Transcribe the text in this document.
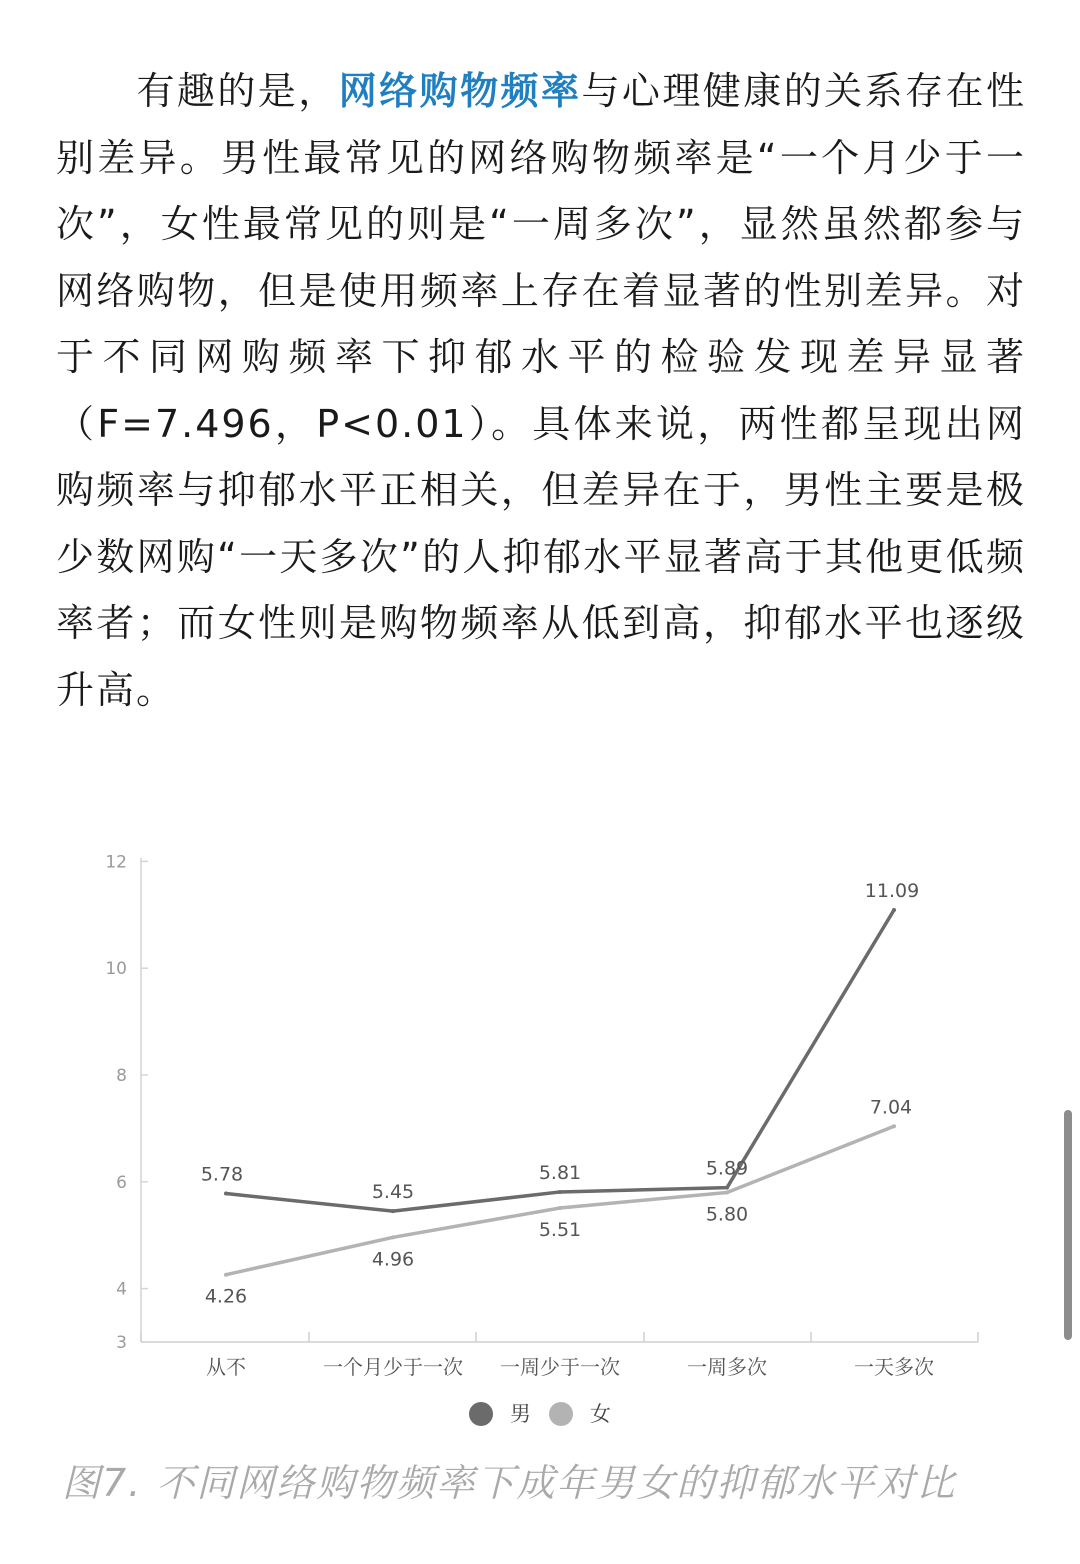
有趣的是，网络购物频率与心理健康的关系存在性别差异。男性最常见的网络购物频率是“一个月少于一次”，女性最常见的则是“一周多次”，显然虽然都参与网络购物，但是使用频率上存在着显著的性别差异。对于不同网购频率下抑郁水平的检验发现差异显著（F=7.496，P<0.01）。具体来说，两性都呈现出网购频率与抑郁水平正相关，但差异在于，男性主要是极少数网购“一天多次”的人抑郁水平显著高于其他更低频率者；而女性则是购物频率从低到高，抑郁水平也逐级升高。
3
4
6
8
10
12
从不	一个月少于一次 一周少于一次	一周多次	一天多次
5.78
5.45
5.81	5.89
11.09
4.26
4.96
5.51
5.80
7.04
男	女
图7. 不同网络购物频率下成年男女的抑郁水平对比
